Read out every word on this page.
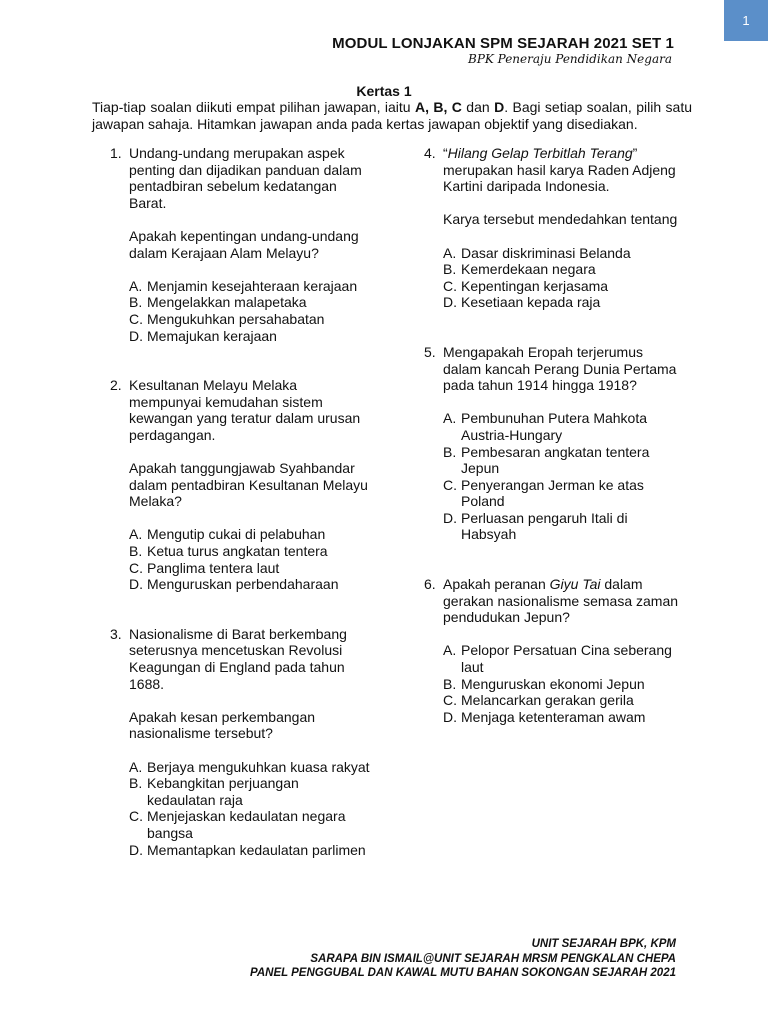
1
MODUL LONJAKAN SPM SEJARAH 2021 SET 1
BPK Peneraju Pendidikan Negara
Kertas 1
Tiap-tiap soalan diikuti empat pilihan jawapan, iaitu A, B, C dan D. Bagi setiap soalan, pilih satu jawapan sahaja. Hitamkan jawapan anda pada kertas jawapan objektif yang disediakan.
1. Undang-undang merupakan aspek penting dan dijadikan panduan dalam pentadbiran sebelum kedatangan Barat.

Apakah kepentingan undang-undang dalam Kerajaan Alam Melayu?

A. Menjamin kesejahteraan kerajaan
B. Mengelakkan malapetaka
C. Mengukuhkan persahabatan
D. Memajukan kerajaan
2. Kesultanan Melayu Melaka mempunyai kemudahan sistem kewangan yang teratur dalam urusan perdagangan.

Apakah tanggungjawab Syahbandar dalam pentadbiran Kesultanan Melayu Melaka?

A. Mengutip cukai di pelabuhan
B. Ketua turus angkatan tentera
C. Panglima tentera laut
D. Menguruskan perbendaharaan
3. Nasionalisme di Barat berkembang seterusnya mencetuskan Revolusi Keagungan di England pada tahun 1688.

Apakah kesan perkembangan nasionalisme tersebut?

A. Berjaya mengukuhkan kuasa rakyat
B. Kebangkitan perjuangan kedaulatan raja
C. Menjejaskan kedaulatan negara bangsa
D. Memantapkan kedaulatan parlimen
4. “Hilang Gelap Terbitlah Terang” merupakan hasil karya Raden Adjeng Kartini daripada Indonesia.

Karya tersebut mendedahkan tentang

A. Dasar diskriminasi Belanda
B. Kemerdekaan negara
C. Kepentingan kerjasama
D. Kesetiaan kepada raja
5. Mengapakah Eropah terjerumus dalam kancah Perang Dunia Pertama pada tahun 1914 hingga 1918?

A. Pembunuhan Putera Mahkota Austria-Hungary
B. Pembesaran angkatan tentera Jepun
C. Penyerangan Jerman ke atas Poland
D. Perluasan pengaruh Itali di Habsyah
6. Apakah peranan Giyu Tai dalam gerakan nasionalisme semasa zaman pendudukan Jepun?

A. Pelopor Persatuan Cina seberang laut
B. Menguruskan ekonomi Jepun
C. Melancarkan gerakan gerila
D. Menjaga ketenteraman awam
UNIT SEJARAH BPK, KPM
SARAPA BIN ISMAIL@UNIT SEJARAH MRSM PENGKALAN CHEPA
PANEL PENGGUBAL DAN KAWAL MUTU BAHAN SOKONGAN SEJARAH 2021
